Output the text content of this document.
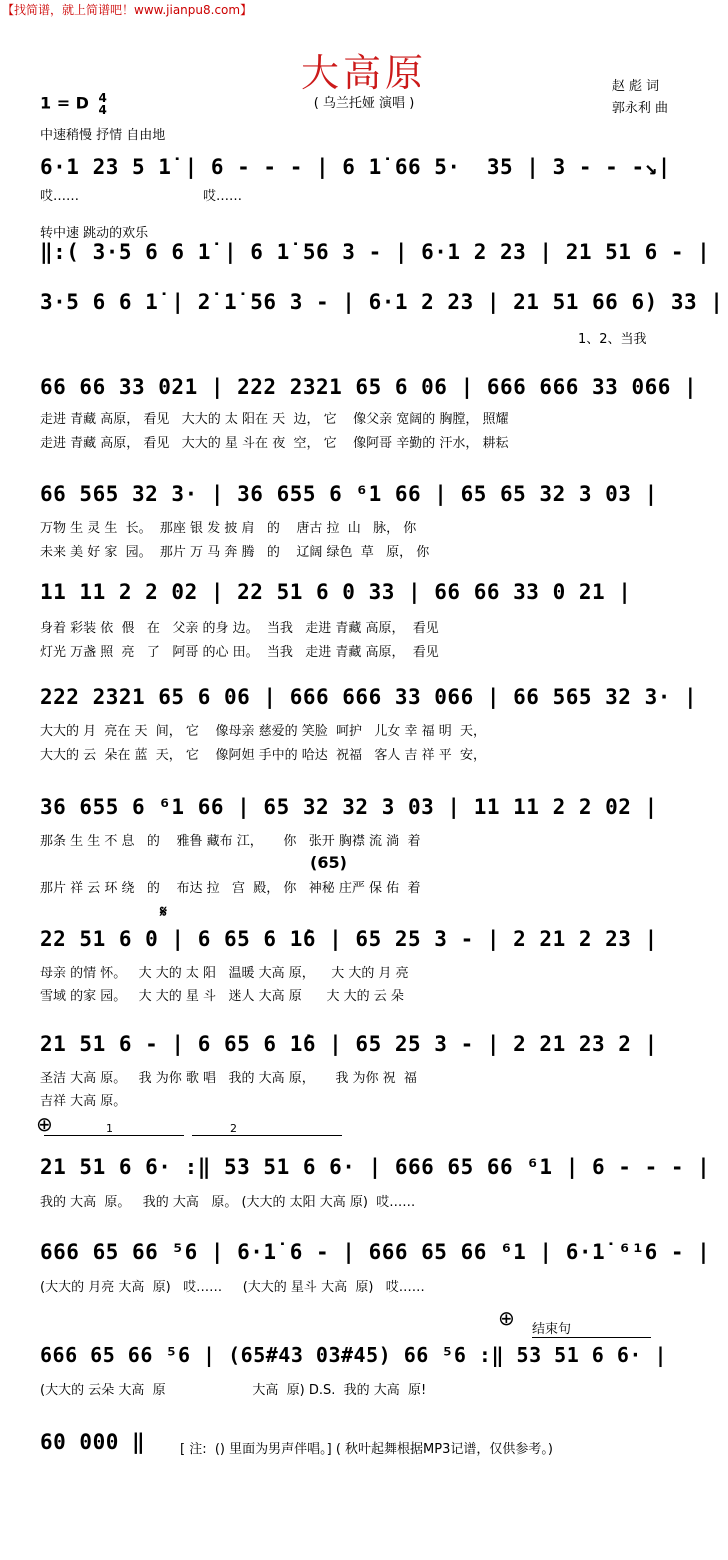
【找简谱，就上简谱吧！www.jianpu8.com】
大高原
( 乌兰托娅 演唱 )
赵 彪 词
郭永利 曲
1 = D 4
4
中速稍慢 抒情 自由地
转中速 跳动的欢乐
6·1 23 5 1̇ | 6 - - - | 6 1̇ 66 5·  35 | 3 - - -↘|
哎……                              哎……
‖:( 3·5 6 6 1̇ | 6 1̇ 56 3 - | 6·1 2 23 | 21 51 6 - |
3·5 6 6 1̇ | 2̇ 1̇ 56 3 - | 6·1 2 23 | 21 51 66 6) 33 |
1、2、当我
66 66 33 021 | 222 2321 65 6 06 | 666 666 33 066 |
走进 青藏 高原， 看见   大大的 太 阳在 天  边， 它    像父亲 宽阔的 胸膛， 照耀
走进 青藏 高原， 看见   大大的 星 斗在 夜  空， 它    像阿哥 辛勤的 汗水， 耕耘
66 565 32 3· | 36 655 6 ⁶1 66 | 65 65 32 3 03 |
万物 生 灵 生  长。  那座 银 发 披 肩   的    唐古 拉  山   脉， 你
未来 美 好 家  园。  那片 万 马 奔 腾   的    辽阔 绿色  草   原， 你
11 11 2 2 02 | 22 51 6 0 33 | 66 66 33 0 21 |
身着 彩装 依  偎   在   父亲 的身 边。  当我   走进 青藏 高原，  看见
灯光 万盏 照  亮   了   阿哥 的心 田。  当我   走进 青藏 高原，  看见
222 2321 65 6 06 | 666 666 33 066 | 66 565 32 3· |
大大的 月  亮在 天  间， 它    像母亲 慈爱的 笑脸  呵护   儿女 幸 福 明  天，
大大的 云  朵在 蓝  天， 它    像阿妲 手中的 哈达  祝福   客人 吉 祥 平  安，
36 655 6 ⁶1 66 | 65 32 32 3 03 | 11 11 2 2 02 |
那条 生 生 不 息   的    雅鲁 藏布 江，     你   张开 胸襟 流 淌  着
(65)
那片 祥 云 环 绕   的    布达 拉   宫  殿， 你   神秘 庄严 保 佑  着
𝄋
22 51 6 0 | 6 65 6 1̇6 | 65 25 3 - | 2 21 2 23 |
母亲 的情 怀。   大 大的 太 阳   温暖 大高 原，    大 大的 月 亮
雪域 的家 园。   大 大的 星 斗   迷人 大高 原      大 大的 云 朵
21 51 6 - | 6 65 6 1̇6 | 65 25 3 - | 2 21 23 2 |
圣洁 大高 原。   我 为你 歌 唱   我的 大高 原，     我 为你 祝  福
吉祥 大高 原。
⊕	1	2
21 51 6 6· :‖ 53 51 6 6· | 666 65 66 ⁶1 | 6 - - - |
我的 大高  原。   我的 大高   原。 (大大的 太阳 大高 原)  哎……
666 65 66 ⁵6 | 6·1̇ 6 - | 666 65 66 ⁶1 | 6·1̇ ⁶¹6 - |
(大大的 月亮 大高  原)   哎……     (大大的 星斗 大高  原)   哎……
⊕ 结束句
666 65 66 ⁵6 | (65#43 03#45) 66 ⁵6 :‖ 53 51 6 6· |
(大大的 云朵 大高  原                     大高  原) D.S.  我的 大高  原!
60 000 ‖	[ 注:  () 里面为男声伴唱。] ( 秋叶起舞根据MP3记谱，仅供参考。)
